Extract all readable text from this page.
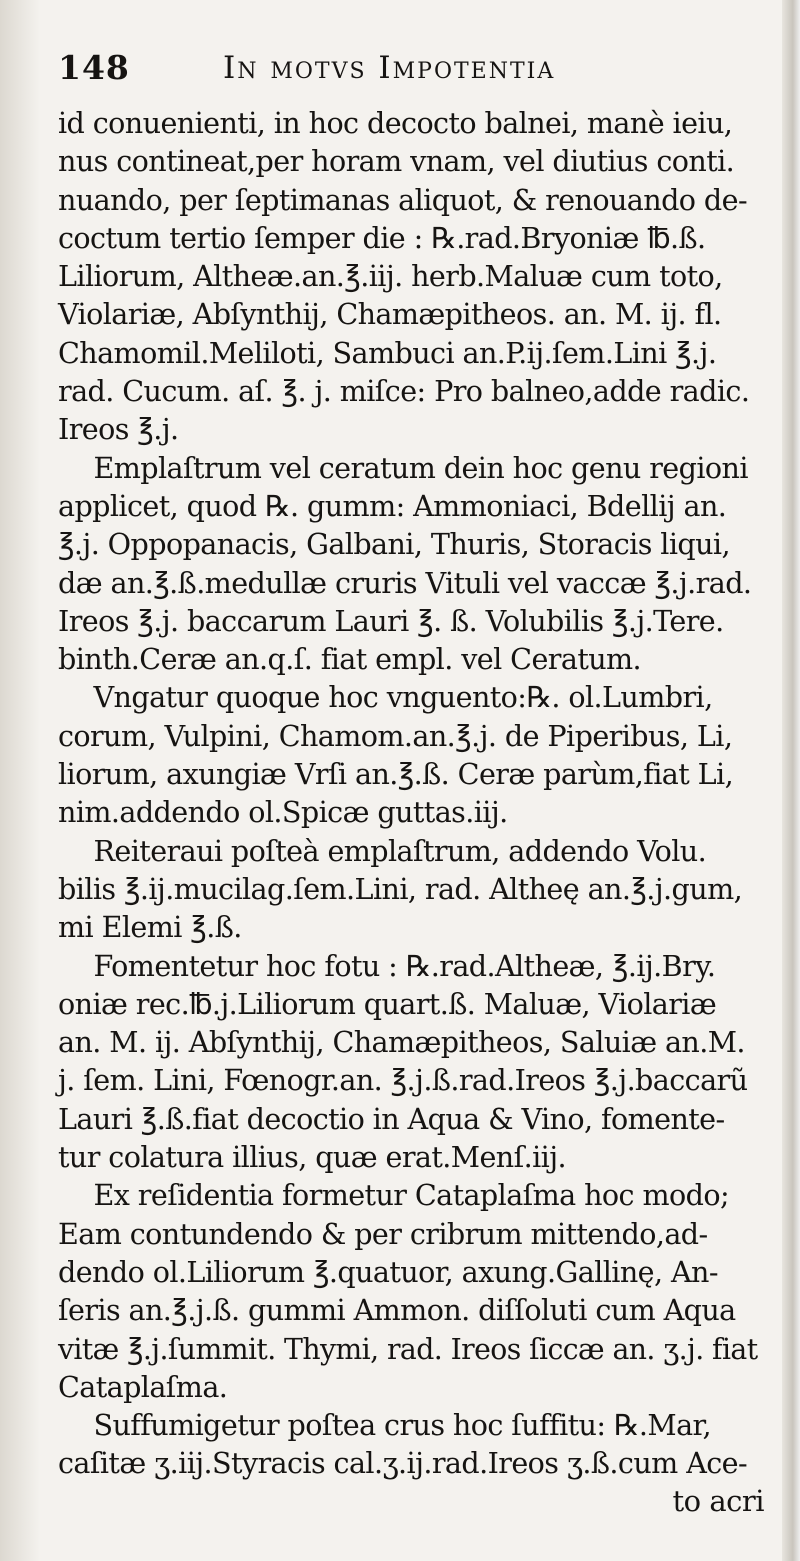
148	In motvs Impotentia
id conuenienti, in hoc decocto balnei, manè ieiu,
nus contineat,per horam vnam, vel diutius conti.
nuando, per ſeptimanas aliquot, & renouando de-
coctum tertio ſemper die : ℞.rad.Bryoniæ ℔.ß.
Liliorum, Altheæ.an.℥.iij. herb.Maluæ cum toto,
Violariæ, Abſynthij, Chamæpitheos. an. M. ij. fl.
Chamomil.Meliloti, Sambuci an.P.ij.ſem.Lini ℥.j.
rad. Cucum. aſ. ℥. j. miſce: Pro balneo,adde radic.
Ireos ℥.j.
Emplaſtrum vel ceratum dein hoc genu regioni
applicet, quod ℞. gumm: Ammoniaci, Bdellij an.
℥.j. Oppopanacis, Galbani, Thuris, Storacis liqui,
dæ an.℥.ß.medullæ cruris Vituli vel vaccæ ℥.j.rad.
Ireos ℥.j. baccarum Lauri ℥. ß. Volubilis ℥.j.Tere.
binth.Ceræ an.q.ſ. fiat empl. vel Ceratum.
Vngatur quoque hoc vnguento:℞. ol.Lumbri,
corum, Vulpini, Chamom.an.℥.j. de Piperibus, Li,
liorum, axungiæ Vrſi an.℥.ß. Ceræ parùm,fiat Li,
nim.addendo ol.Spicæ guttas.iij.
Reiteraui poſteà emplaſtrum, addendo Volu.
bilis ℥.ij.mucilag.ſem.Lini, rad. Altheę an.℥.j.gum,
mi Elemi ℥.ß.
Fomentetur hoc fotu : ℞.rad.Altheæ, ℥.ij.Bry.
oniæ rec.℔.j.Liliorum quart.ß. Maluæ, Violariæ
an. M. ij. Abſynthij, Chamæpitheos, Saluiæ an.M.
j. ſem. Lini, Fœnogr.an. ℥.j.ß.rad.Ireos ℥.j.baccarũ
Lauri ℥.ß.fiat decoctio in Aqua & Vino, fomente-
tur colatura illius, quæ erat.Menſ.iij.
Ex reſidentia formetur Cataplaſma hoc modo;
Eam contundendo & per cribrum mittendo,ad-
dendo ol.Liliorum ℥.quatuor, axung.Gallinę, An-
ſeris an.℥.j.ß. gummi Ammon. diſſoluti cum Aqua
vitæ ℥.j.ſummit. Thymi, rad. Ireos ſiccæ an. ʒ.j. fiat
Cataplaſma.
Suffumigetur poſtea crus hoc ſuffitu: ℞.Mar,
caſitæ ʒ.iij.Styracis cal.ʒ.ij.rad.Ireos ʒ.ß.cum Ace-
to acri
